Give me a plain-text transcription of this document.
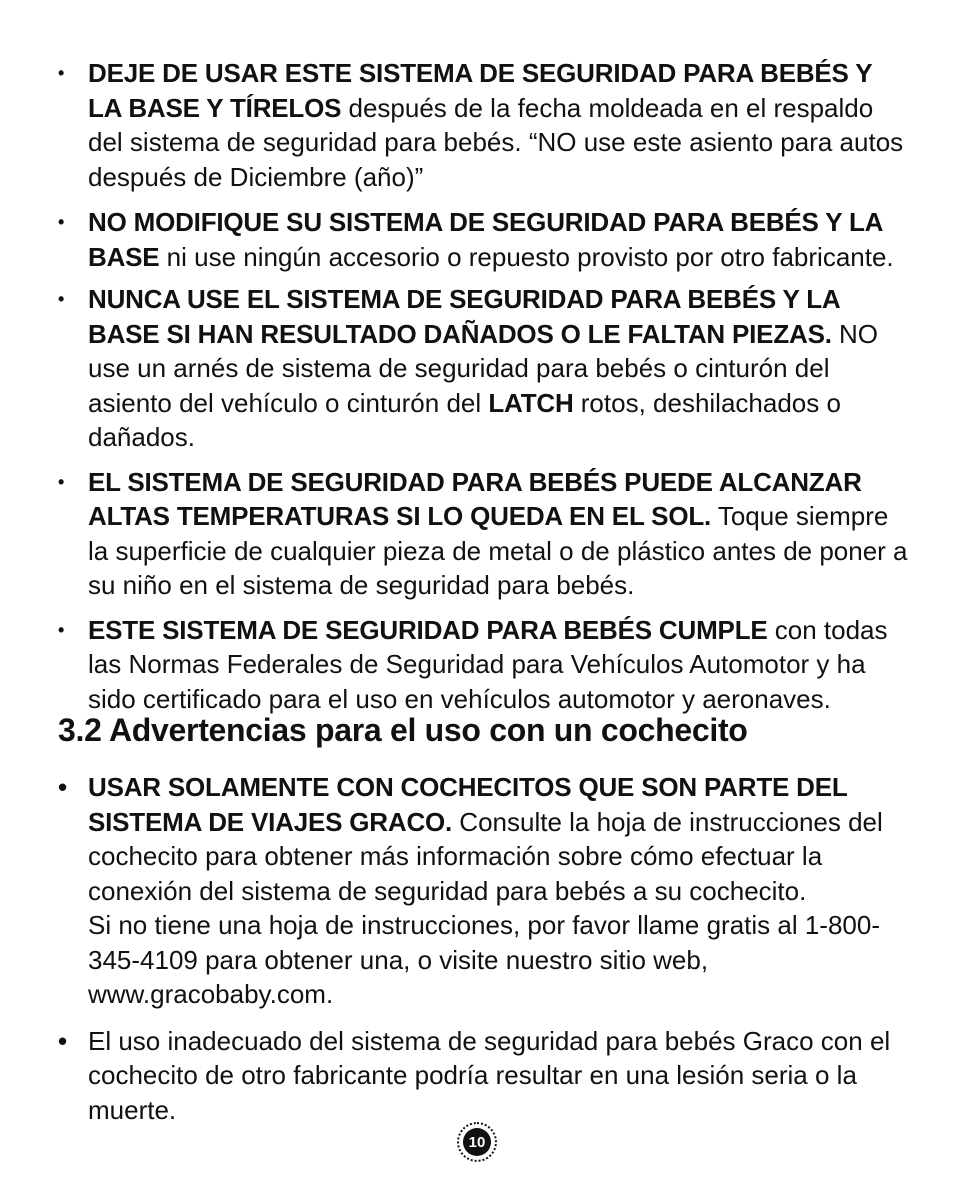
• DEJE DE USAR ESTE SISTEMA DE SEGURIDAD PARA BEBÉS Y LA BASE Y TÍRELOS después de la fecha moldeada en el respaldo del sistema de seguridad para bebés. “NO use este asiento para autos después de Diciembre (año)”
• NO MODIFIQUE SU SISTEMA DE SEGURIDAD PARA BEBÉS Y LA BASE ni use ningún accesorio o repuesto provisto por otro fabricante.
• NUNCA USE EL SISTEMA DE SEGURIDAD PARA BEBÉS Y LA BASE SI HAN RESULTADO DAÑADOS O LE FALTAN PIEZAS. NO use un arnés de sistema de seguridad para bebés o cinturón del asiento del vehículo o cinturón del LATCH rotos, deshilachados o dañados.
• EL SISTEMA DE SEGURIDAD PARA BEBÉS PUEDE ALCANZAR ALTAS TEMPERATURAS SI LO QUEDA EN EL SOL. Toque siempre la superficie de cualquier pieza de metal o de plástico antes de poner a su niño en el sistema de seguridad para bebés.
• ESTE SISTEMA DE SEGURIDAD PARA BEBÉS CUMPLE con todas las Normas Federales de Seguridad para Vehículos Automotor y ha sido certificado para el uso en vehículos automotor y aeronaves.
3.2 Advertencias para el uso con un cochecito
• USAR SOLAMENTE CON COCHECITOS QUE SON PARTE DEL SISTEMA DE VIAJES GRACO. Consulte la hoja de instrucciones del cochecito para obtener más información sobre cómo efectuar la conexión del sistema de seguridad para bebés a su cochecito.
Si no tiene una hoja de instrucciones, por favor llame gratis al 1-800-345-4109 para obtener una, o visite nuestro sitio web, www.gracobaby.com.
• El uso inadecuado del sistema de seguridad para bebés Graco con el cochecito de otro fabricante podría resultar en una lesión seria o la muerte.
10
